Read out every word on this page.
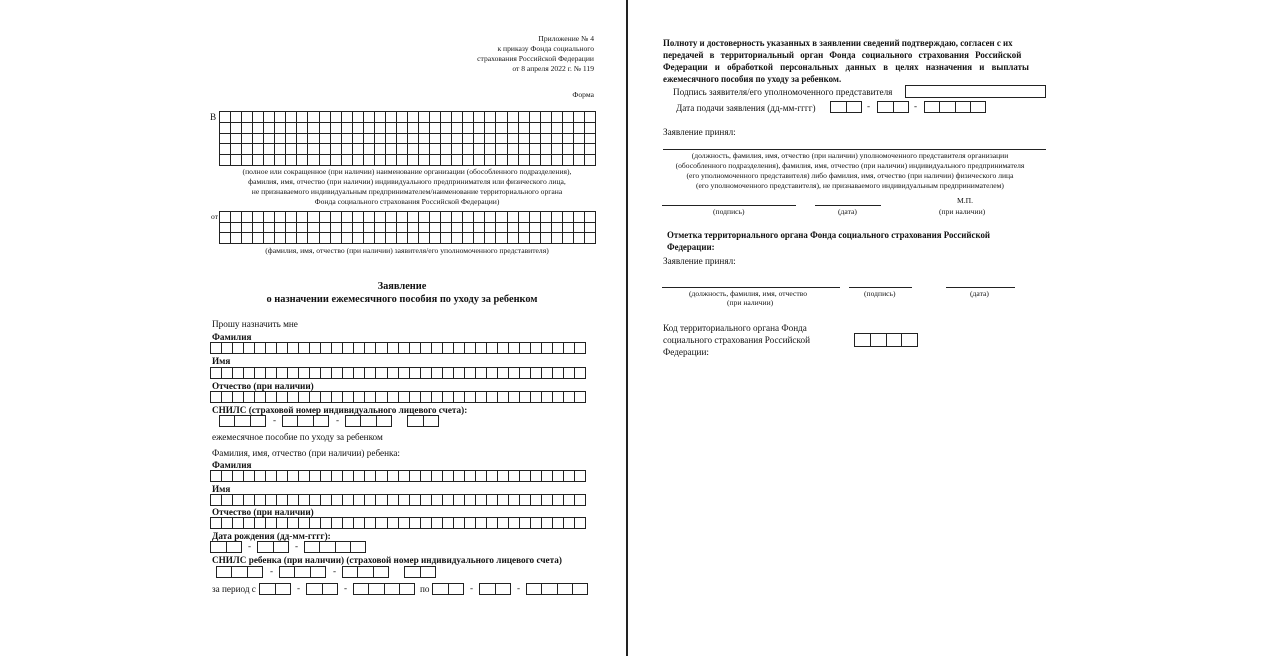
Приложение № 4
к приказу Фонда социального
страхования Российской Федерации
от 8 апреля 2022 г. № 119
Форма
В
(полное или сокращенное (при наличии) наименование организации (обособленного подразделения),
фамилия, имя, отчество (при наличии) индивидуального предпринимателя или физического лица,
не признаваемого индивидуальным предпринимателем/наименование территориального органа
Фонда социального страхования Российской Федерации)
от
(фамилия, имя, отчество (при наличии) заявителя/его уполномоченного представителя)
Заявление
о назначении ежемесячного пособия по уходу за ребенком
Прошу назначить мне
Фамилия
Имя
Отчество (при наличии)
СНИЛС (страховой номер индивидуального лицевого счета):
-	-
ежемесячное пособие по уходу за ребенком
Фамилия, имя, отчество (при наличии) ребенка:
Фамилия
Имя
Отчество (при наличии)
Дата рождения (дд-мм-гггг):
-	-
СНИЛС ребенка (при наличии) (страховой номер индивидуального лицевого счета)
-	-
за период с	-	-	по	-	-
Полноту и достоверность указанных в заявлении сведений подтверждаю, согласен с их
передачей в территориальный орган Фонда социального страхования Российской
Федерации и обработкой персональных данных в целях назначения и выплаты
ежемесячного пособия по уходу за ребенком.
Подпись заявителя/его уполномоченного представителя
Дата подачи заявления (дд-мм-гггг)	-	-
Заявление принял:
(должность, фамилия, имя, отчество (при наличии) уполномоченного представителя организации
(обособленного подразделения), фамилия, имя, отчество (при наличии) индивидуального предпринимателя
(его уполномоченного представителя) либо фамилия, имя, отчество (при наличии) физического лица
(его уполномоченного представителя), не признаваемого индивидуальным предпринимателем)
М.П.
(подпись)	(дата)	(при наличии)
Отметка территориального органа Фонда социального страхования Российской
Федерации:
Заявление принял:
(должность, фамилия, имя, отчество
(при наличии)
(подпись)	(дата)
Код территориального органа Фонда
социального страхования Российской
Федерации:
